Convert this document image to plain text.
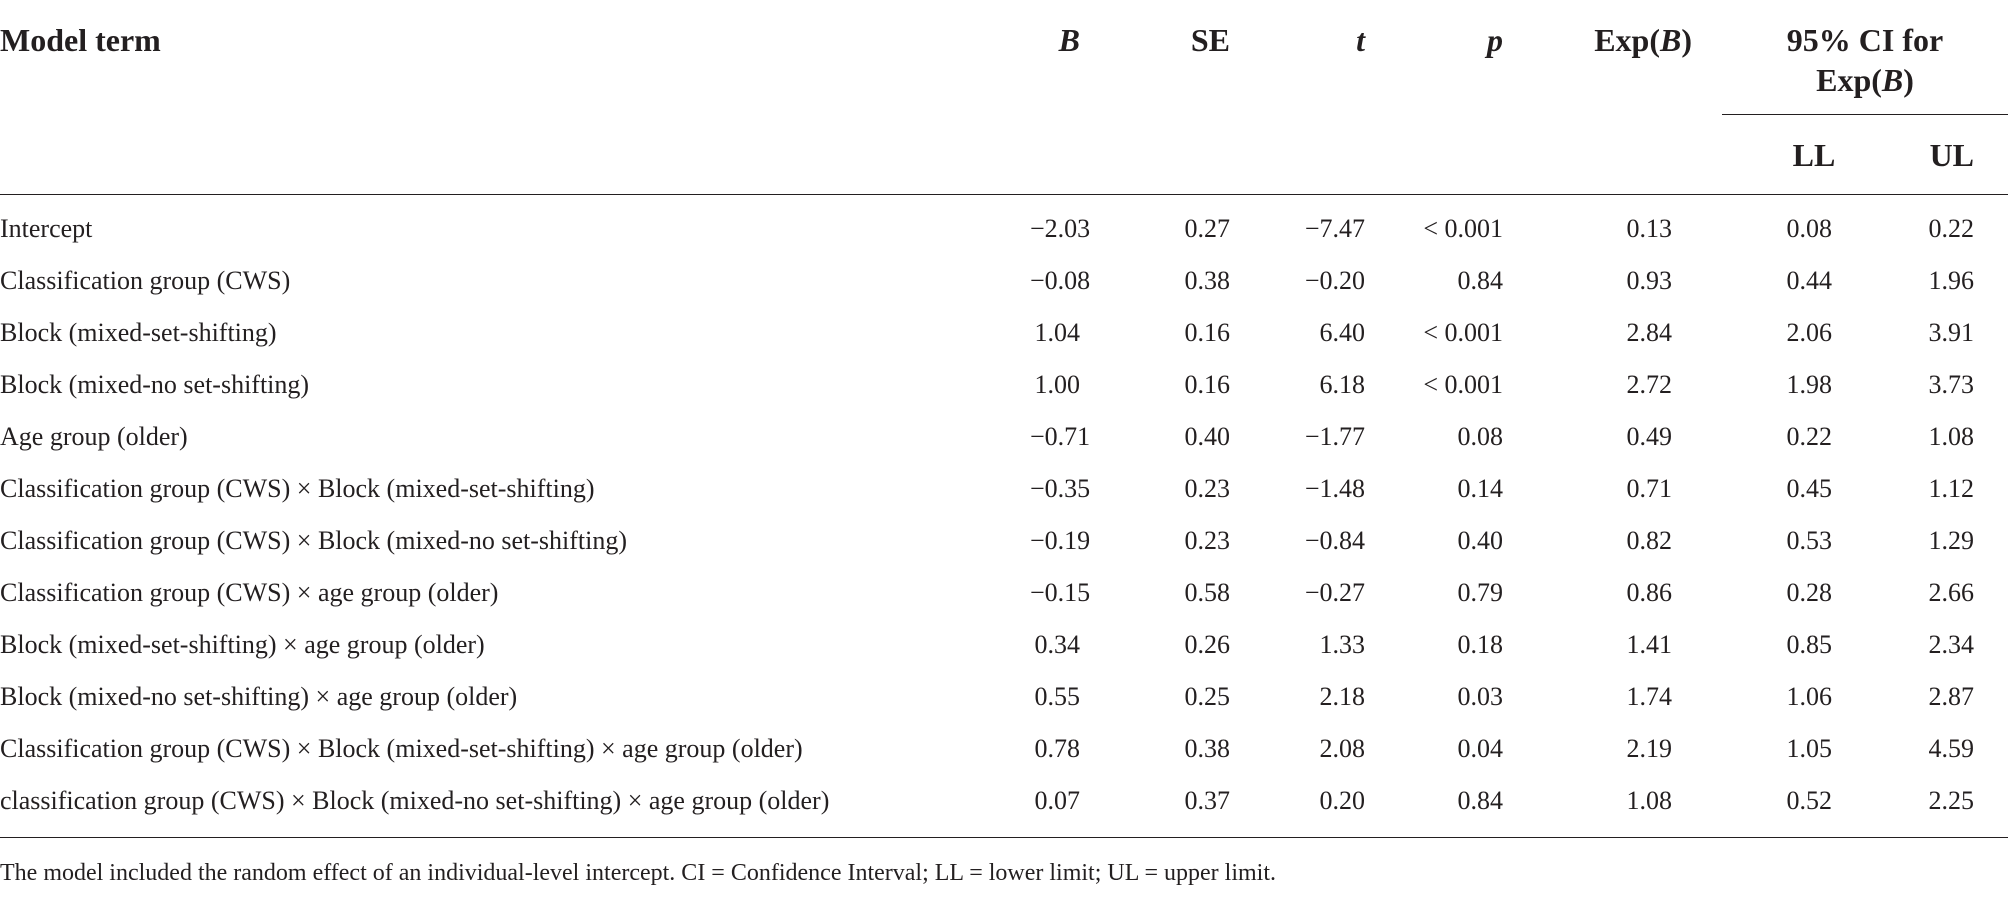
Model term	B	SE	t	p	Exp(B)	95% CI for
Exp(B)	

						LL	UL
Intercept	−2.03	0.27	−7.47	< 0.001	0.13	0.08	0.22
Classification group (CWS)	−0.08	0.38	−0.20	0.84	0.93	0.44	1.96
Block (mixed-set-shifting)	1.04	0.16	6.40	< 0.001	2.84	2.06	3.91
Block (mixed-no set-shifting)	1.00	0.16	6.18	< 0.001	2.72	1.98	3.73
Age group (older)	−0.71	0.40	−1.77	0.08	0.49	0.22	1.08
Classification group (CWS) × Block (mixed-set-shifting)	−0.35	0.23	−1.48	0.14	0.71	0.45	1.12
Classification group (CWS) × Block (mixed-no set-shifting)	−0.19	0.23	−0.84	0.40	0.82	0.53	1.29
Classification group (CWS) × age group (older)	−0.15	0.58	−0.27	0.79	0.86	0.28	2.66
Block (mixed-set-shifting) × age group (older)	0.34	0.26	1.33	0.18	1.41	0.85	2.34
Block (mixed-no set-shifting) × age group (older)	0.55	0.25	2.18	0.03	1.74	1.06	2.87
Classification group (CWS) × Block (mixed-set-shifting) × age group (older)	0.78	0.38	2.08	0.04	2.19	1.05	4.59
classification group (CWS) × Block (mixed-no set-shifting) × age group (older)	0.07	0.37	0.20	0.84	1.08	0.52	2.25
The model included the random effect of an individual-level intercept. CI = Confidence Interval; LL = lower limit; UL = upper limit.
